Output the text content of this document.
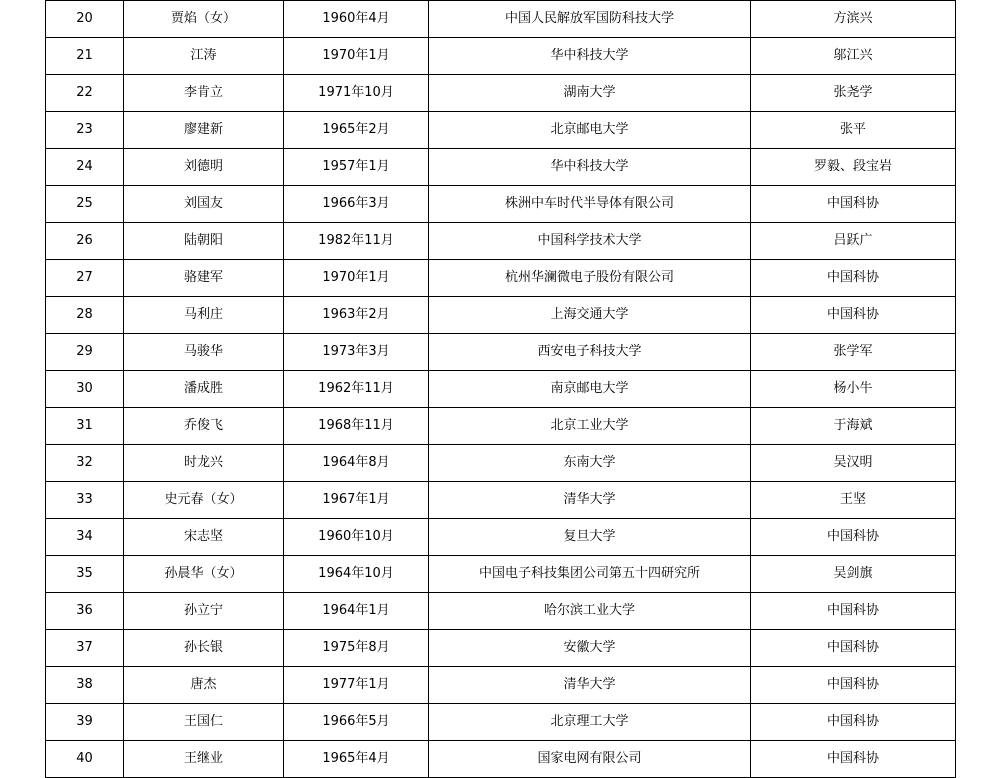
20	贾焰（女）	1960年4月	中国人民解放军国防科技大学	方滨兴
21	江涛	1970年1月	华中科技大学	邬江兴
22	李肯立	1971年10月	湖南大学	张尧学
23	廖建新	1965年2月	北京邮电大学	张平
24	刘德明	1957年1月	华中科技大学	罗毅、段宝岩
25	刘国友	1966年3月	株洲中车时代半导体有限公司	中国科协
26	陆朝阳	1982年11月	中国科学技术大学	吕跃广
27	骆建军	1970年1月	杭州华澜微电子股份有限公司	中国科协
28	马利庄	1963年2月	上海交通大学	中国科协
29	马骏华	1973年3月	西安电子科技大学	张学军
30	潘成胜	1962年11月	南京邮电大学	杨小牛
31	乔俊飞	1968年11月	北京工业大学	于海斌
32	时龙兴	1964年8月	东南大学	吴汉明
33	史元春（女）	1967年1月	清华大学	王坚
34	宋志坚	1960年10月	复旦大学	中国科协
35	孙晨华（女）	1964年10月	中国电子科技集团公司第五十四研究所	吴剑旗
36	孙立宁	1964年1月	哈尔滨工业大学	中国科协
37	孙长银	1975年8月	安徽大学	中国科协
38	唐杰	1977年1月	清华大学	中国科协
39	王国仁	1966年5月	北京理工大学	中国科协
40	王继业	1965年4月	国家电网有限公司	中国科协
